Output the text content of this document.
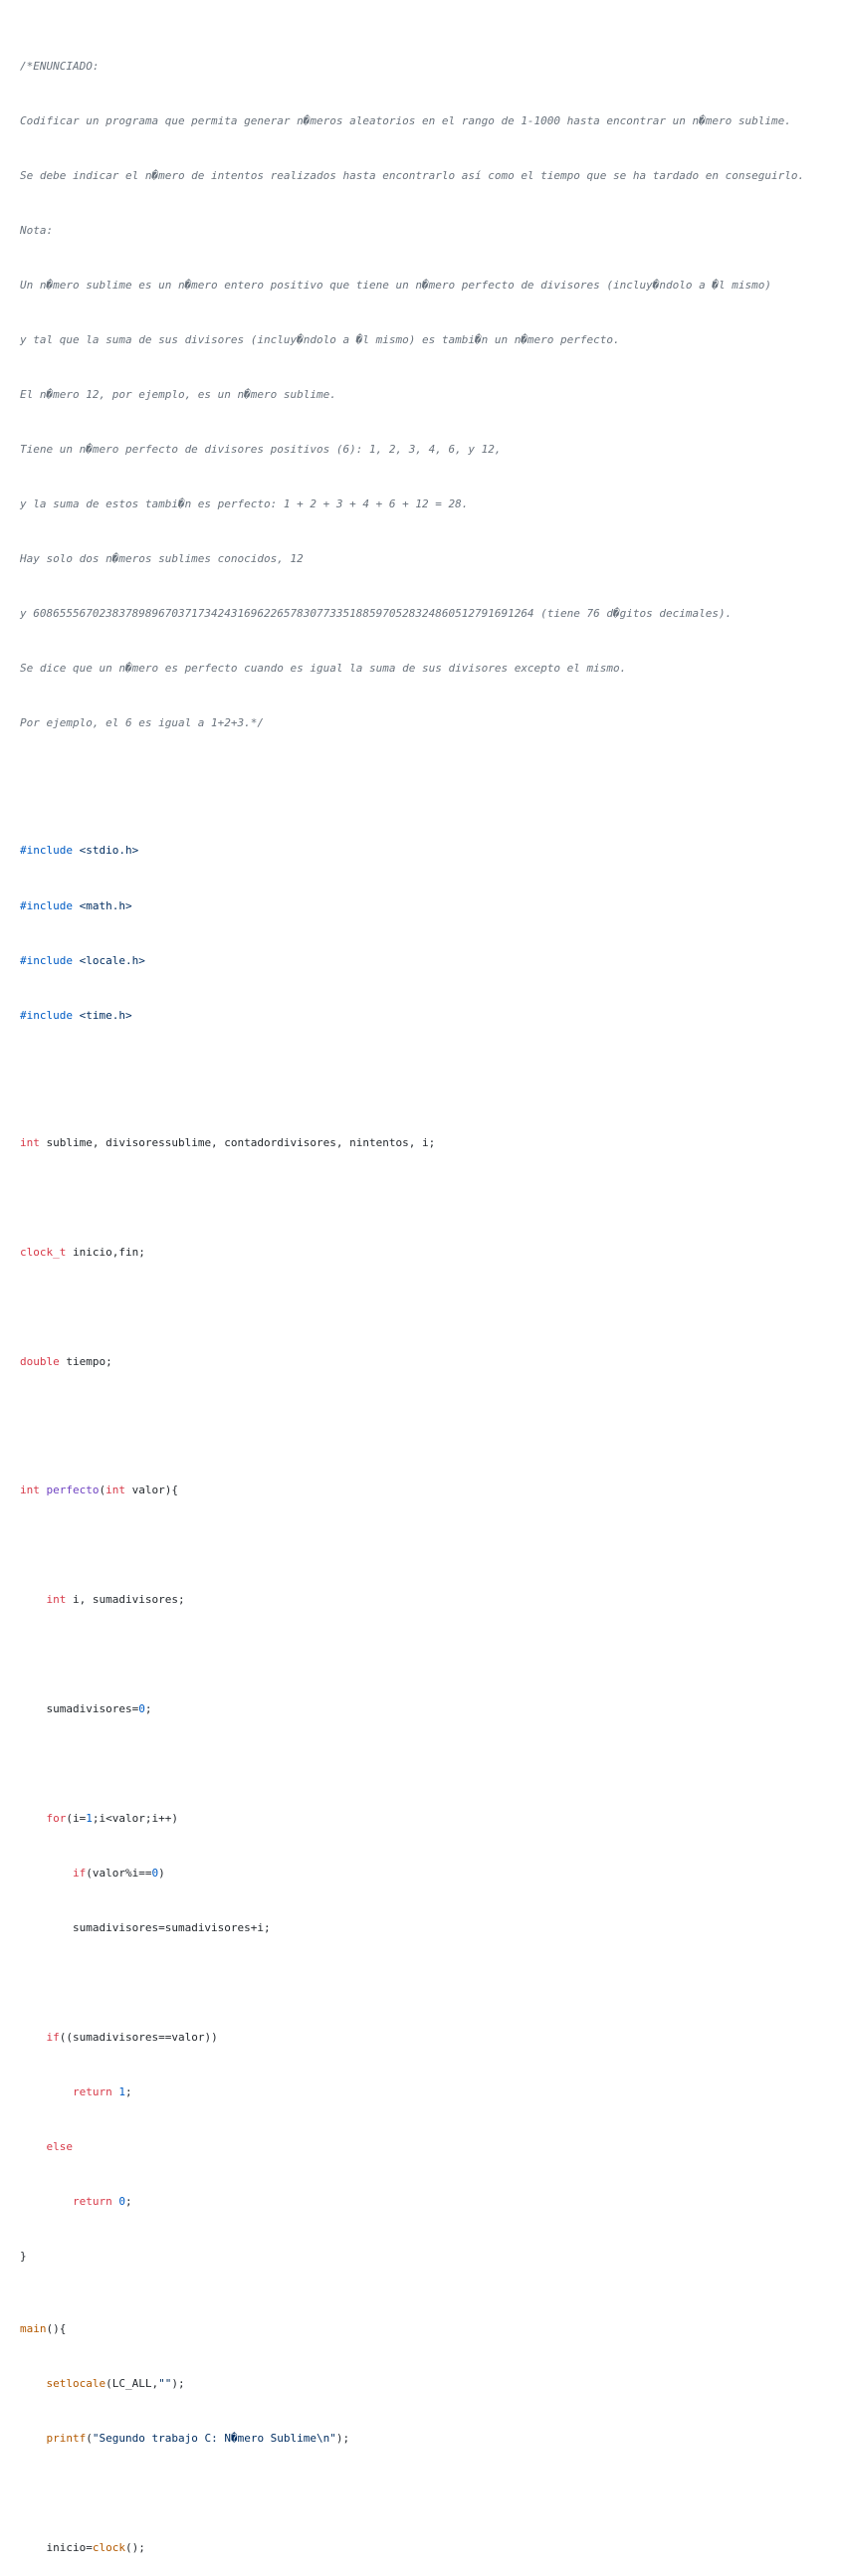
/*ENUNCIADO:

Codificar un programa que permita generar n�meros aleatorios en el rango de 1-1000 hasta encontrar un n�mero sublime.

Se debe indicar el n�mero de intentos realizados hasta encontrarlo así como el tiempo que se ha tardado en conseguirlo.

Nota:

Un n�mero sublime es un n�mero entero positivo que tiene un n�mero perfecto de divisores (incluy�ndolo a �l mismo)

y tal que la suma de sus divisores (incluy�ndolo a �l mismo) es tambi�n un n�mero perfecto.

El n�mero 12, por ejemplo, es un n�mero sublime.

Tiene un n�mero perfecto de divisores positivos (6): 1, 2, 3, 4, 6, y 12,

y la suma de estos tambi�n es perfecto: 1 + 2 + 3 + 4 + 6 + 12 = 28.

Hay solo dos n�meros sublimes conocidos, 12

y 6086555670238378989670371734243169622657830773351885970528324860512791691264 (tiene 76 d�gitos decimales).

Se dice que un n�mero es perfecto cuando es igual la suma de sus divisores excepto el mismo.

Por ejemplo, el 6 es igual a 1+2+3.*/

#include <stdio.h>

#include <math.h>

#include <locale.h>

#include <time.h>

int sublime, divisoressublime, contadordivisores, nintentos, i;

clock_t inicio,fin;

double tiempo;

int perfecto(int valor){

int i, sumadivisores;

sumadivisores=0;

for(i=1;i<valor;i++)

if(valor%i==0)

sumadivisores=sumadivisores+i;

if((sumadivisores==valor))

return 1;

else

return 0;

}

main(){

setlocale(LC_ALL,"");

printf("Segundo trabajo C: N�mero Sublime\n");

inicio=clock();
